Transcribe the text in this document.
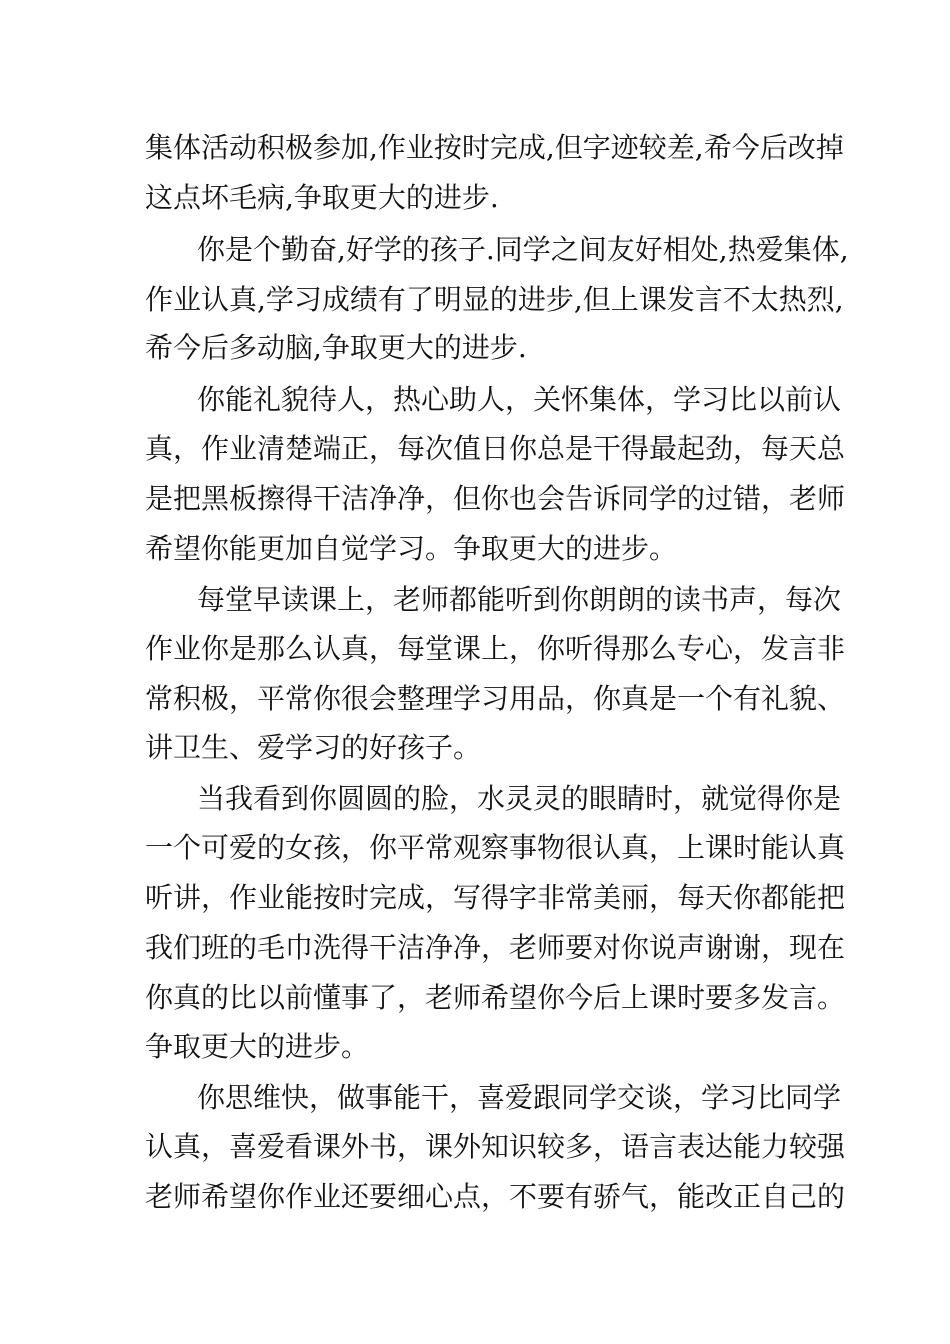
集体活动积极参加,作业按时完成,但字迹较差,希今后改掉
这点坏毛病,争取更大的进步.
你是个勤奋,好学的孩子.同学之间友好相处,热爱集体,
作业认真,学习成绩有了明显的进步,但上课发言不太热烈,
希今后多动脑,争取更大的进步.
你能礼貌待人，热心助人，关怀集体，学习比以前认
真，作业清楚端正，每次值日你总是干得最起劲，每天总
是把黑板擦得干洁净净，但你也会告诉同学的过错，老师
希望你能更加自觉学习。争取更大的进步。
每堂早读课上，老师都能听到你朗朗的读书声，每次
作业你是那么认真，每堂课上，你听得那么专心，发言非
常积极，平常你很会整理学习用品，你真是一个有礼貌、
讲卫生、爱学习的好孩子。
当我看到你圆圆的脸，水灵灵的眼睛时，就觉得你是
一个可爱的女孩，你平常观察事物很认真，上课时能认真
听讲，作业能按时完成，写得字非常美丽，每天你都能把
我们班的毛巾洗得干洁净净，老师要对你说声谢谢，现在
你真的比以前懂事了，老师希望你今后上课时要多发言。
争取更大的进步。
你思维快，做事能干，喜爱跟同学交谈，学习比同学
认真，喜爱看课外书，课外知识较多，语言表达能力较强
老师希望你作业还要细心点，不要有骄气，能改正自己的
